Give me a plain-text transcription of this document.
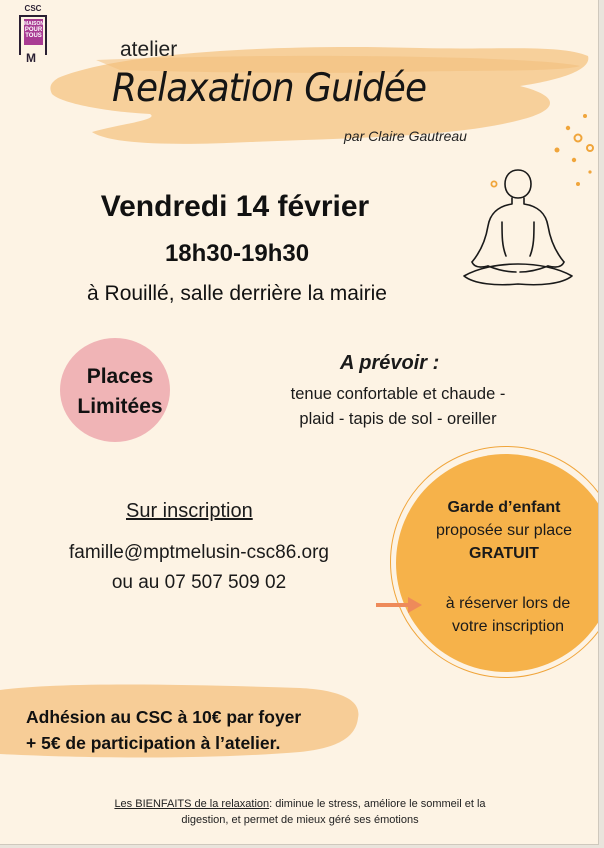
CSC
MAISON
POUR
TOUS
M	atelier
Relaxation Guidée
par Claire Gautreau
Vendredi 14 février
18h30-19h30
à Rouillé, salle derrière la mairie
Places
Limitées
A prévoir :
tenue confortable et chaude -
plaid - tapis de sol - oreiller
Sur inscription
famille@mptmelusin-csc86.org
ou au 07 507 509 02
Garde d’enfant
proposée sur place
GRATUIT
à réserver lors de
votre inscription
Adhésion au CSC à 10€ par foyer
+ 5€ de participation à l’atelier.
Les BIENFAITS de la relaxation: diminue le stress, améliore le sommeil et la
digestion, et permet de mieux géré ses émotions
